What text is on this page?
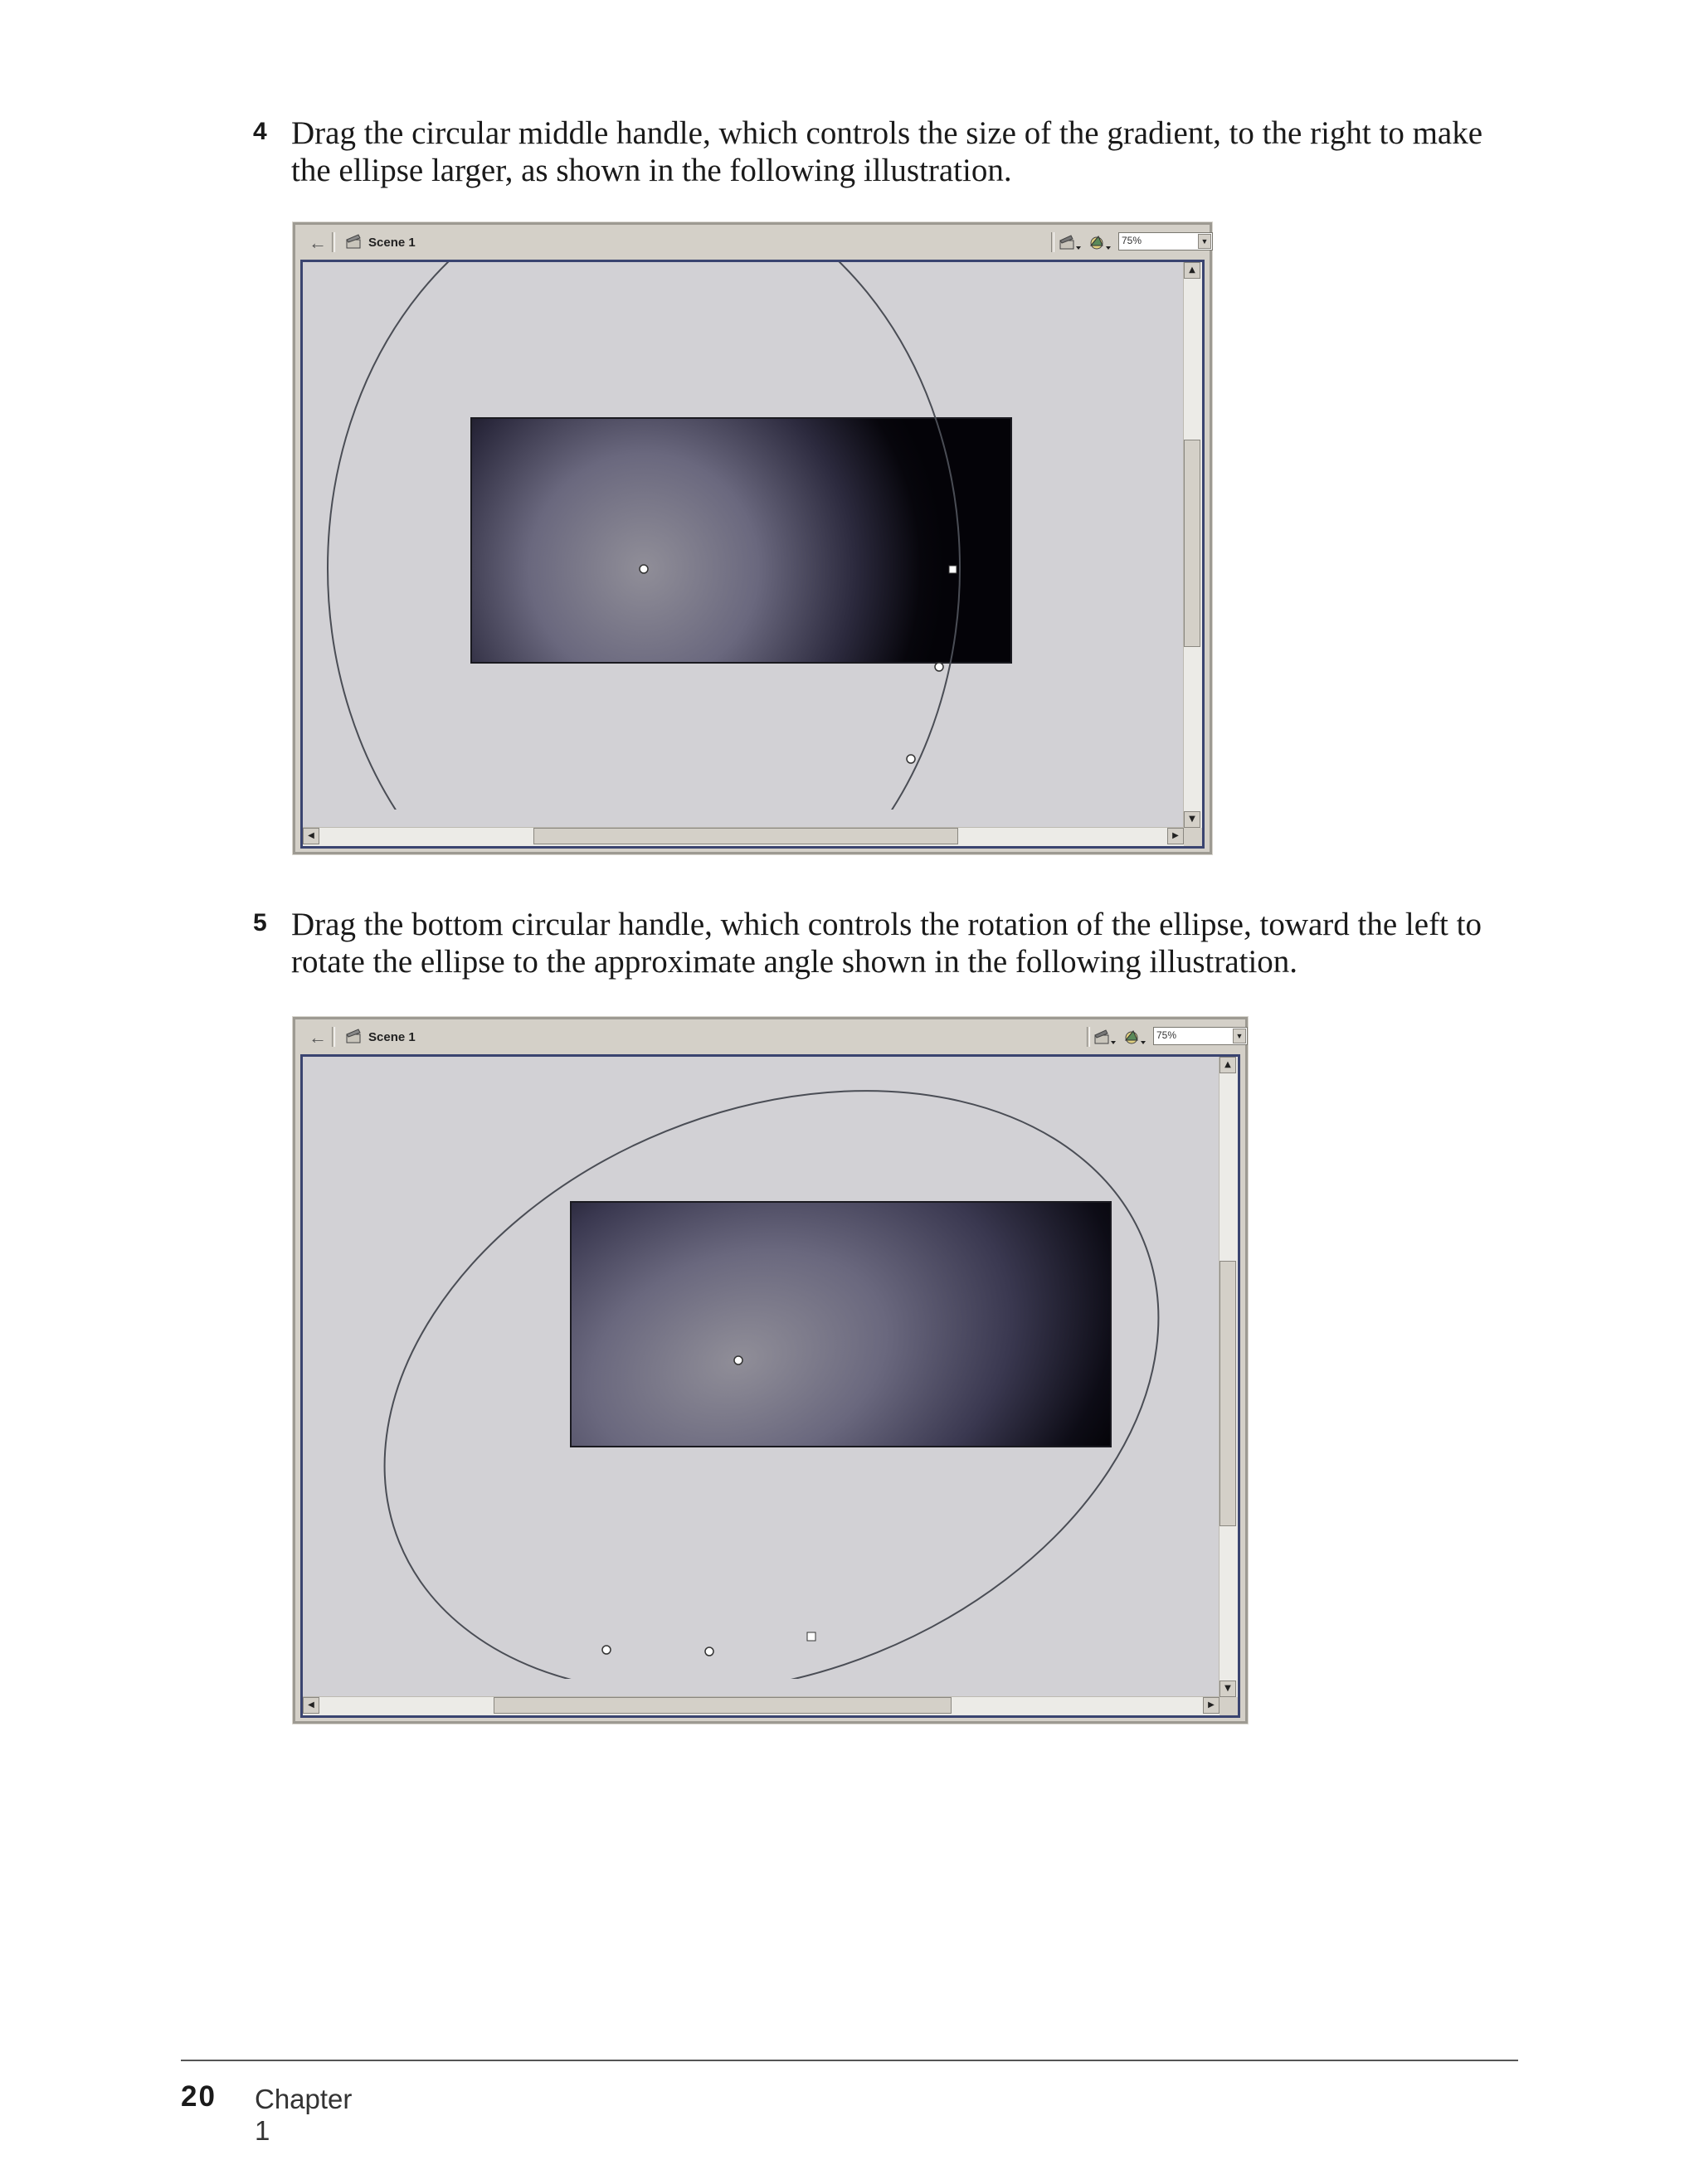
4 Drag the circular middle handle, which controls the size of the gradient, to the right to make the ellipse larger, as shown in the following illustration.
←	Scene 1	75%	▼
▲
▼
◀	▶
5 Drag the bottom circular handle, which controls the rotation of the ellipse, toward the left to rotate the ellipse to the approximate angle shown in the following illustration.
←	Scene 1	75%	▼
▲
▼
◀	▶
20 Chapter 1
